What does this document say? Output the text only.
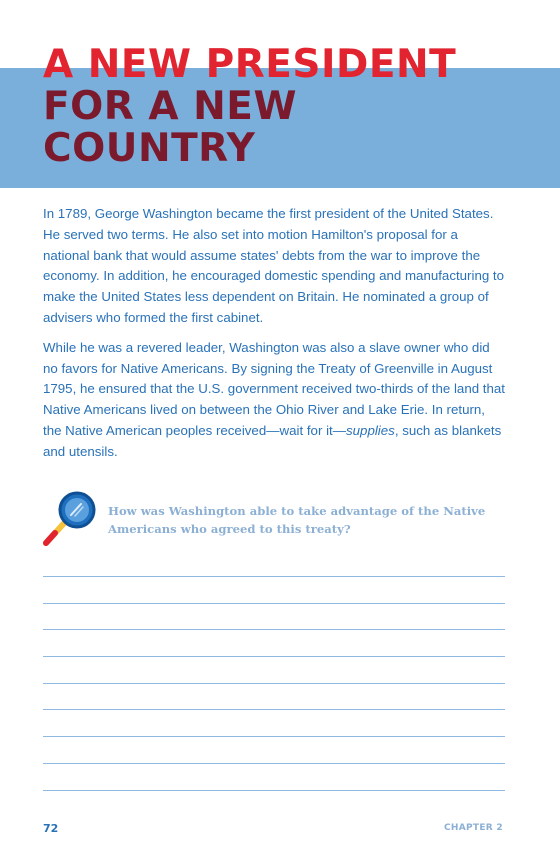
A NEW PRESIDENT
FOR A NEW
COUNTRY

In 1789, George Washington became the first president of the United States. He served two terms. He also set into motion Hamilton's proposal for a national bank that would assume states' debts from the war to improve the economy. In addition, he encouraged domestic spending and manufacturing to make the United States less dependent on Britain. He nominated a group of advisers who formed the first cabinet.

While he was a revered leader, Washington was also a slave owner who did no favors for Native Americans. By signing the Treaty of Greenville in August 1795, he ensured that the U.S. government received two-thirds of the land that Native Americans lived on between the Ohio River and Lake Erie. In return, the Native American peoples received—wait for it—supplies, such as blankets and utensils.

How was Washington able to take advantage of the Native Americans who agreed to this treaty?
72	CHAPTER 2
